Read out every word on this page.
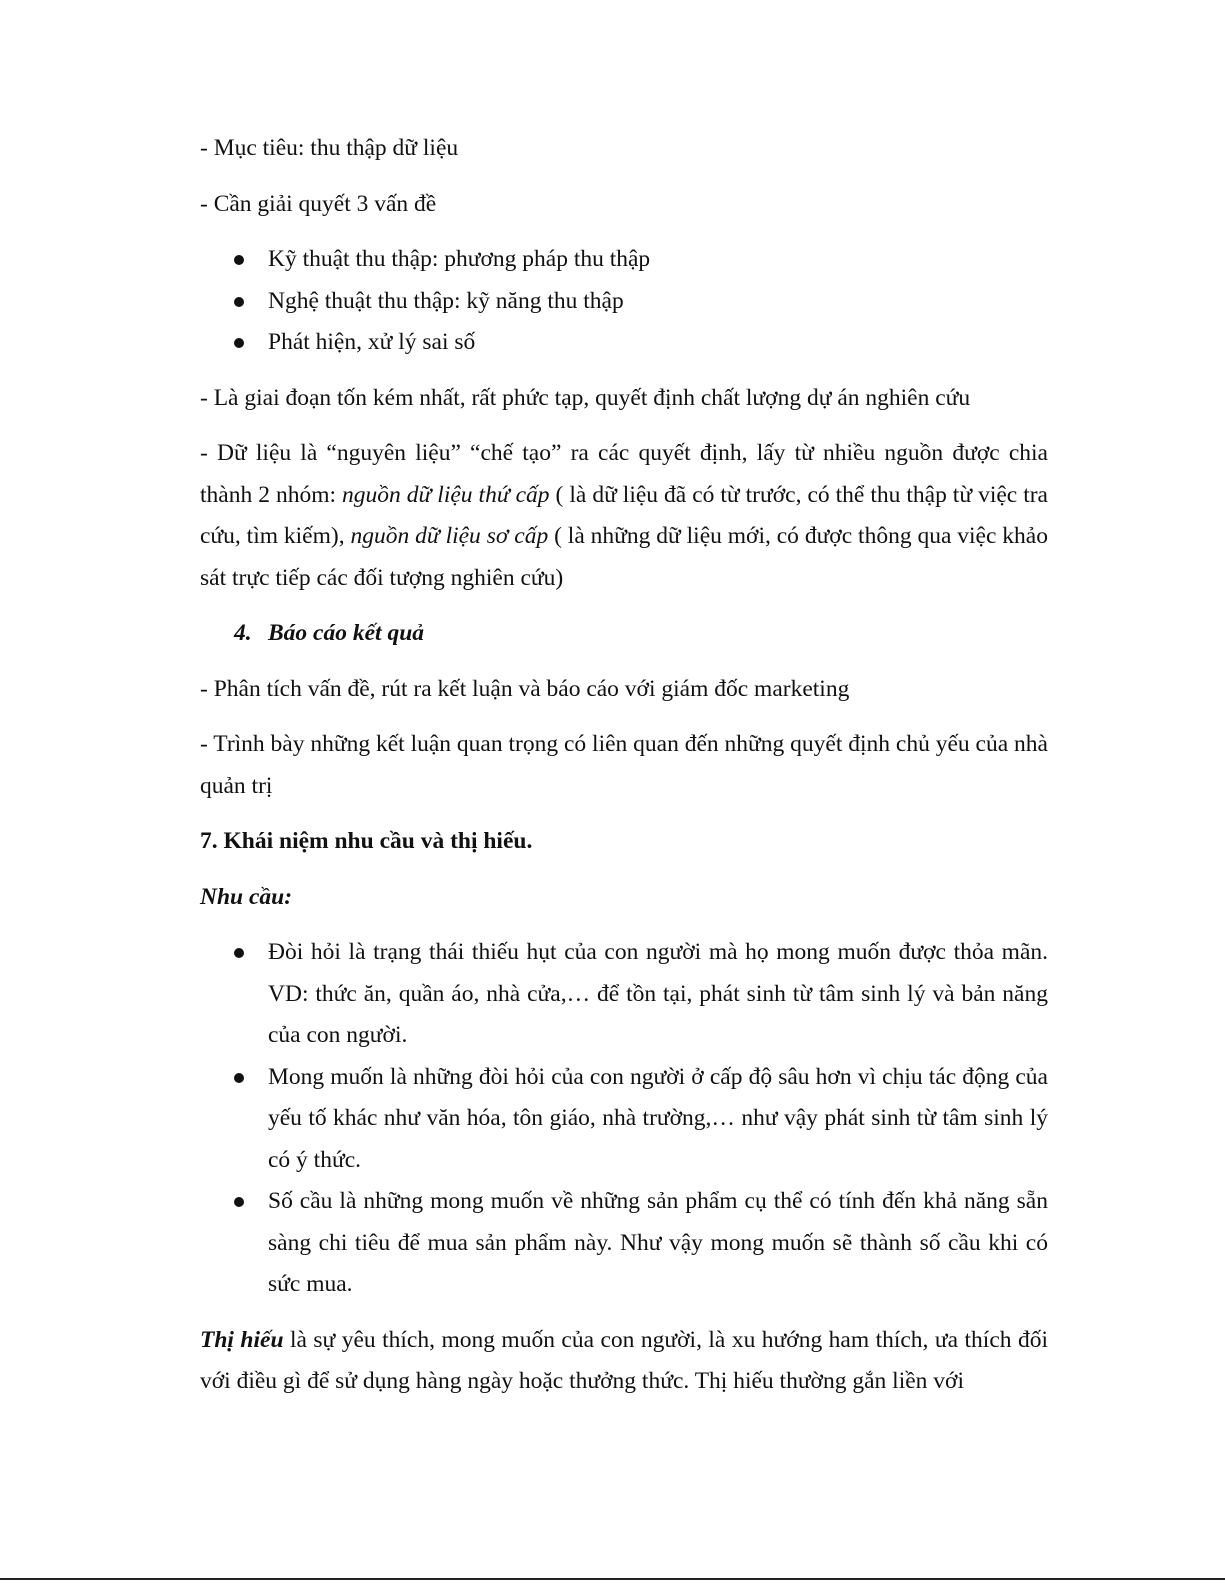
- Mục tiêu: thu thập dữ liệu

- Cần giải quyết 3 vấn đề

Kỹ thuật thu thập: phương pháp thu thập
Nghệ thuật thu thập: kỹ năng thu thập
Phát hiện, xử lý sai số

- Là giai đoạn tốn kém nhất, rất phức tạp, quyết định chất lượng dự án nghiên cứu

- Dữ liệu là “nguyên liệu” “chế tạo” ra các quyết định, lấy từ nhiều nguồn được chia thành 2 nhóm: nguồn dữ liệu thứ cấp ( là dữ liệu đã có từ trước, có thể thu thập từ việc tra cứu, tìm kiếm), nguồn dữ liệu sơ cấp ( là những dữ liệu mới, có được thông qua việc khảo sát trực tiếp các đối tượng nghiên cứu)

4. Báo cáo kết quả

- Phân tích vấn đề, rút ra kết luận và báo cáo với giám đốc marketing

- Trình bày những kết luận quan trọng có liên quan đến những quyết định chủ yếu của nhà quản trị

7. Khái niệm nhu cầu và thị hiếu.

Nhu cầu:

Đòi hỏi là trạng thái thiếu hụt của con người mà họ mong muốn được thỏa mãn. VD: thức ăn, quần áo, nhà cửa,… để tồn tại, phát sinh từ tâm sinh lý và bản năng của con người.
Mong muốn là những đòi hỏi của con người ở cấp độ sâu hơn vì chịu tác động của yếu tố khác như văn hóa, tôn giáo, nhà trường,… như vậy phát sinh từ tâm sinh lý có ý thức.
Số cầu là những mong muốn về những sản phẩm cụ thể có tính đến khả năng sẵn sàng chi tiêu để mua sản phẩm này. Như vậy mong muốn sẽ thành số cầu khi có sức mua.

Thị hiếu là sự yêu thích, mong muốn của con người, là xu hướng ham thích, ưa thích đối với điều gì để sử dụng hàng ngày hoặc thưởng thức. Thị hiếu thường gắn liền với
